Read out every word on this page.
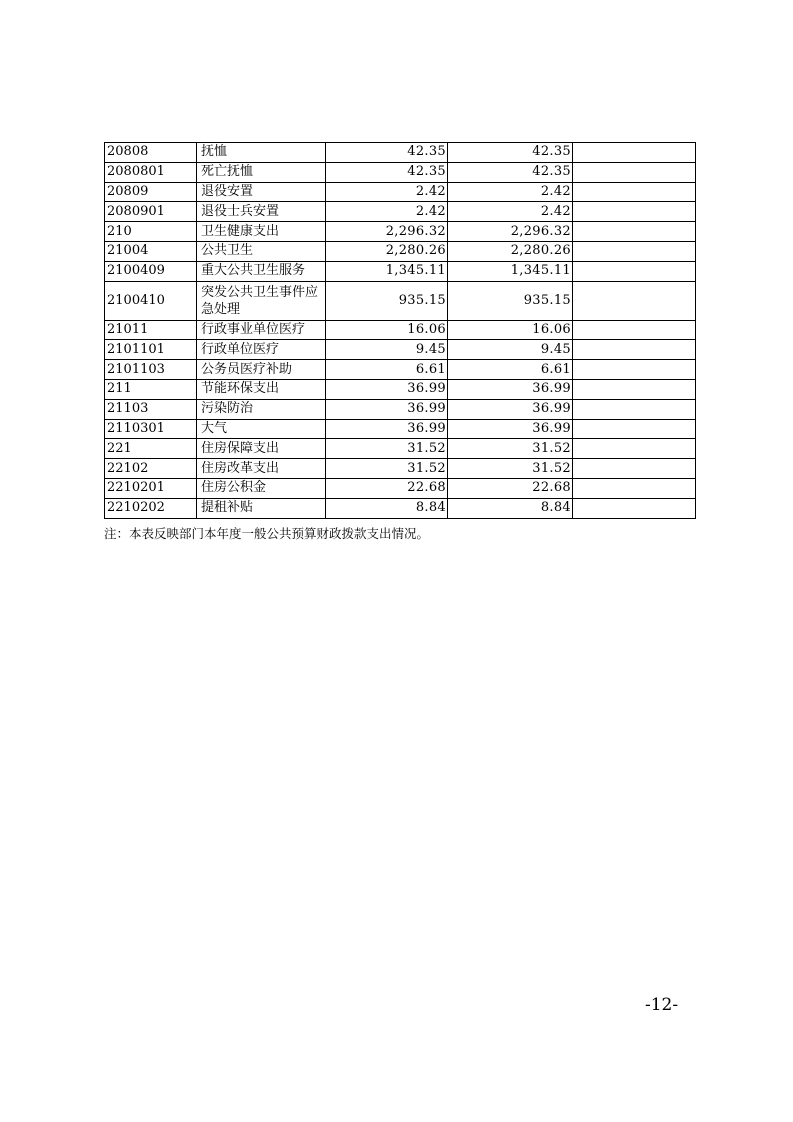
20808	抚恤	42.35	42.35	
2080801	死亡抚恤	42.35	42.35	
20809	退役安置	2.42	2.42	
2080901	退役士兵安置	2.42	2.42	
210	卫生健康支出	2,296.32	2,296.32	
21004	公共卫生	2,280.26	2,280.26	
2100409	重大公共卫生服务	1,345.11	1,345.11	
2100410	突发公共卫生事件应急处理	935.15	935.15	
21011	行政事业单位医疗	16.06	16.06	
2101101	行政单位医疗	9.45	9.45	
2101103	公务员医疗补助	6.61	6.61	
211	节能环保支出	36.99	36.99	
21103	污染防治	36.99	36.99	
2110301	大气	36.99	36.99	
221	住房保障支出	31.52	31.52	
22102	住房改革支出	31.52	31.52	
2210201	住房公积金	22.68	22.68	
2210202	提租补贴	8.84	8.84	
注：本表反映部门本年度一般公共预算财政拨款支出情况。
-12-
